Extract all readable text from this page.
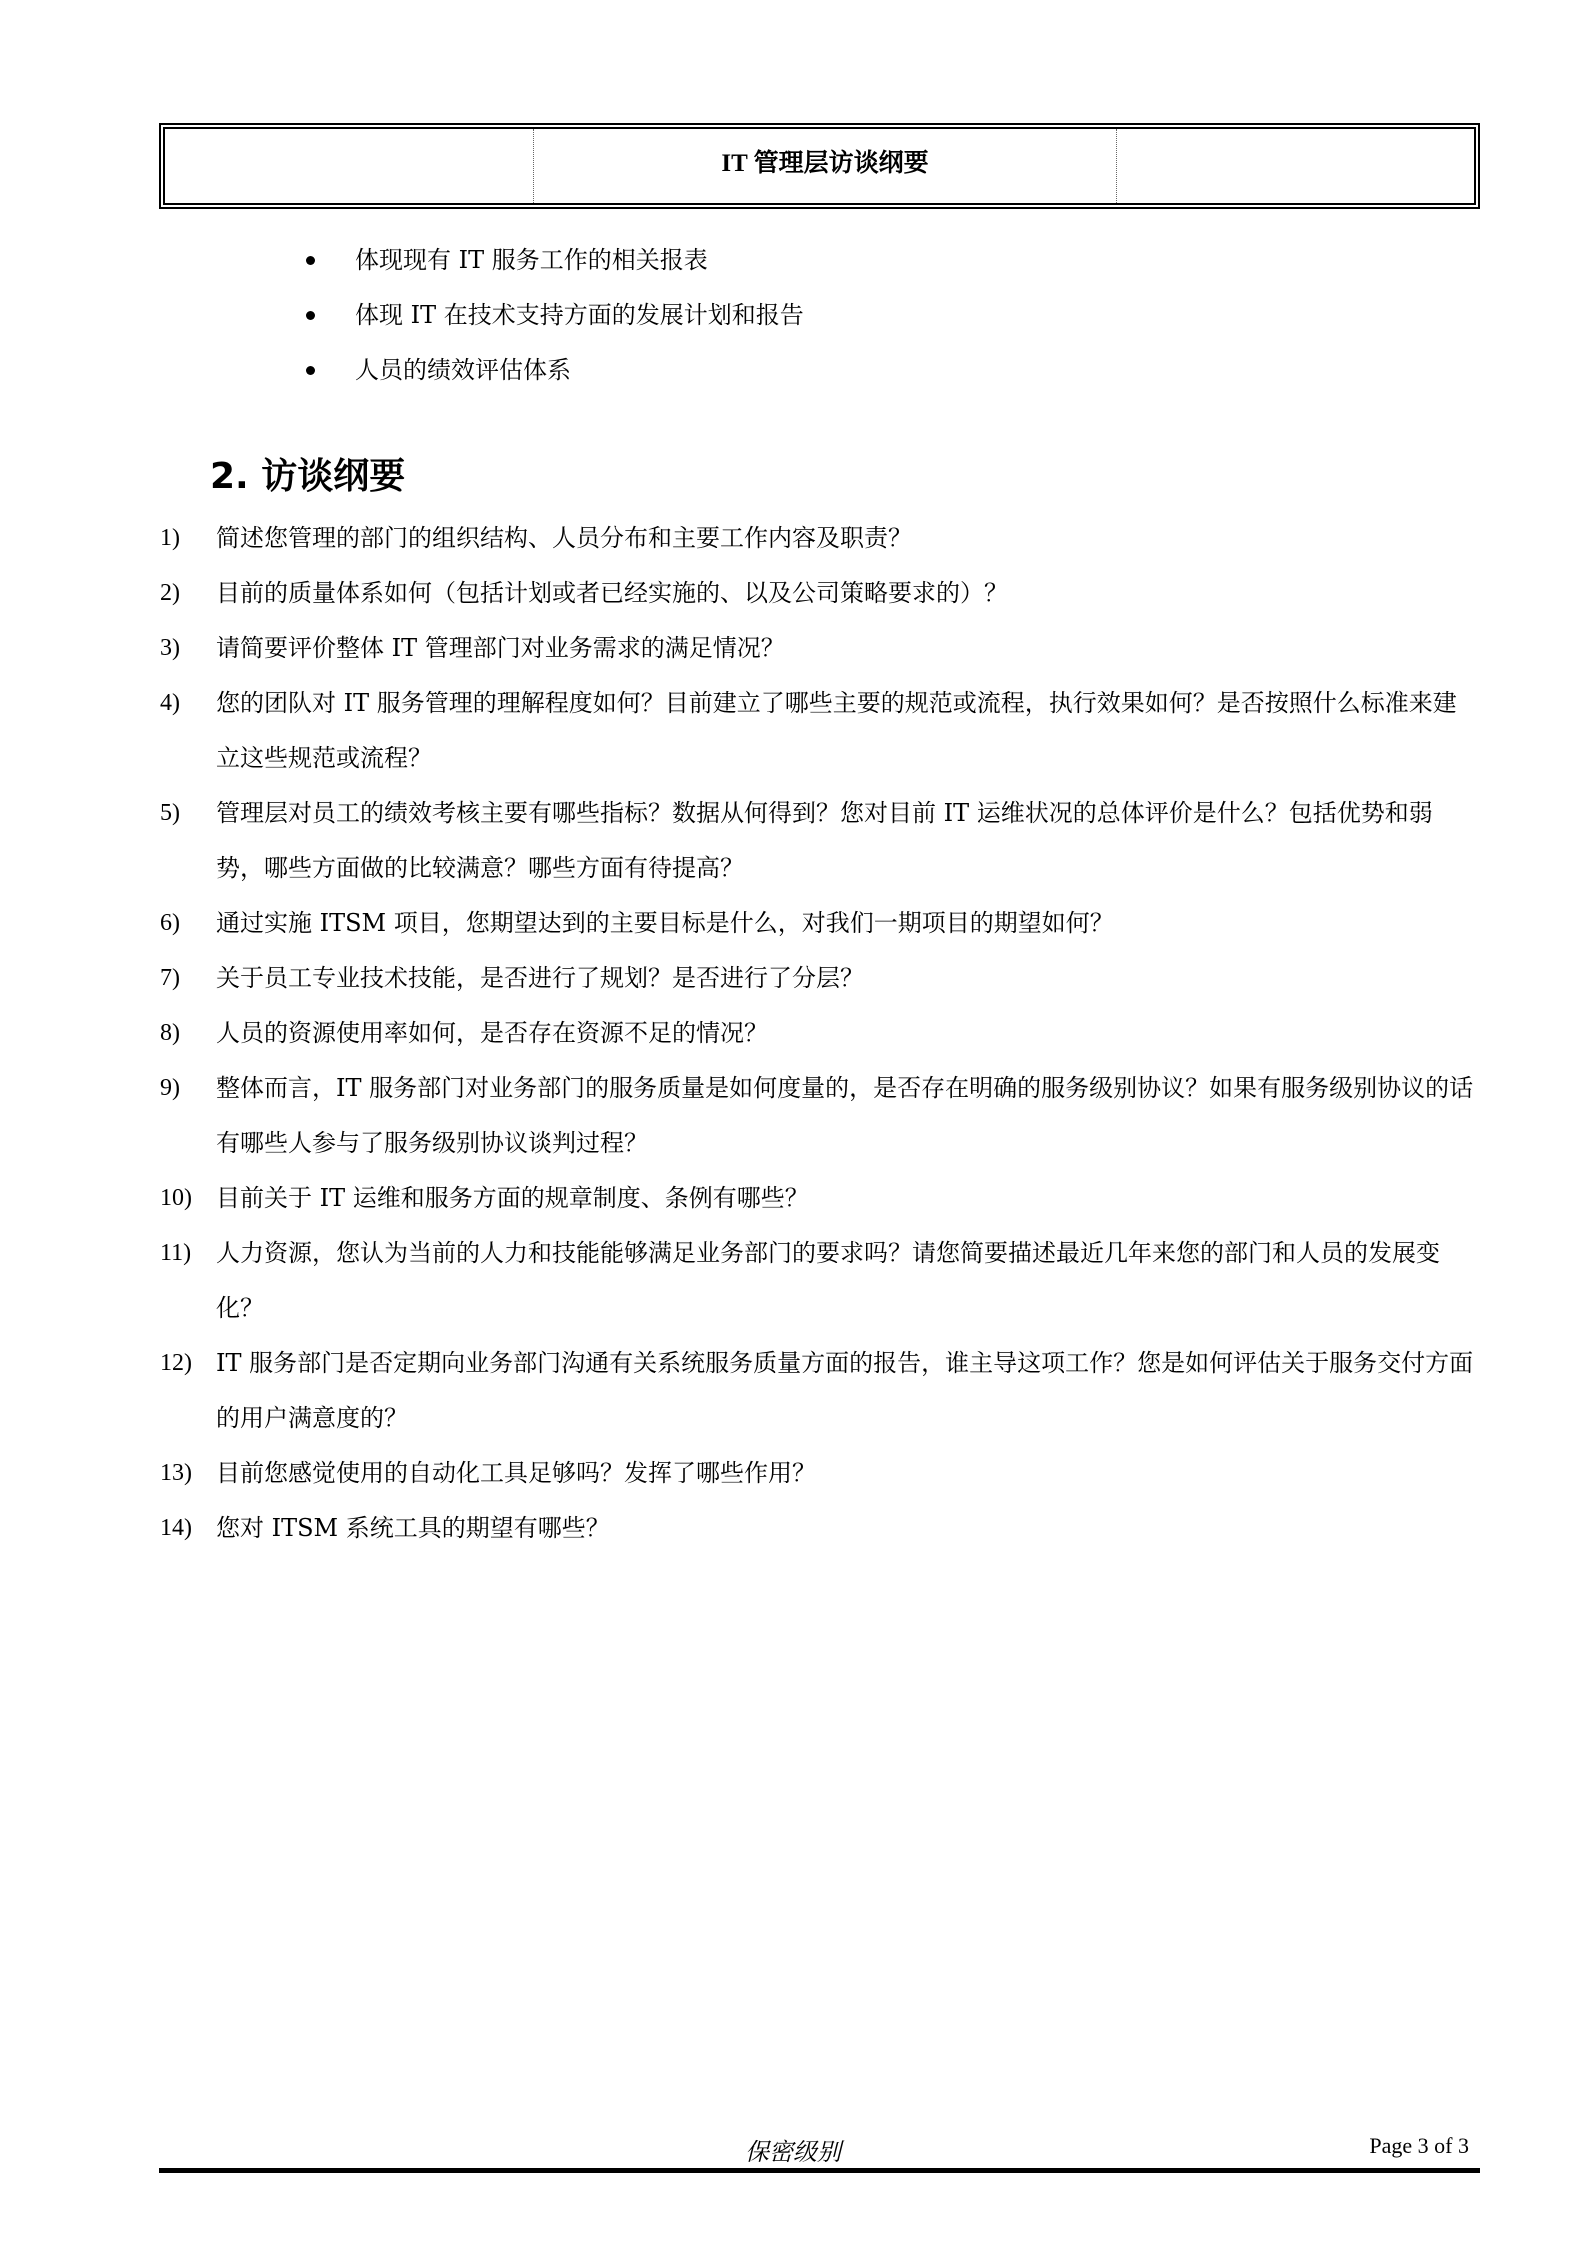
IT 管理层访谈纲要
体现现有 IT 服务工作的相关报表
体现 IT 在技术支持方面的发展计划和报告
人员的绩效评估体系
2. 访谈纲要
1) 简述您管理的部门的组织结构、人员分布和主要工作内容及职责？
2) 目前的质量体系如何（包括计划或者已经实施的、以及公司策略要求的）？
3) 请简要评价整体 IT 管理部门对业务需求的满足情况？
4) 您的团队对 IT 服务管理的理解程度如何？目前建立了哪些主要的规范或流程，执行效果如何？是否按照什么标准来建立这些规范或流程？
5) 管理层对员工的绩效考核主要有哪些指标？数据从何得到？您对目前 IT 运维状况的总体评价是什么？包括优势和弱势，哪些方面做的比较满意？哪些方面有待提高？
6) 通过实施 ITSM 项目，您期望达到的主要目标是什么，对我们一期项目的期望如何？
7) 关于员工专业技术技能，是否进行了规划？是否进行了分层？
8) 人员的资源使用率如何，是否存在资源不足的情况？
9) 整体而言，IT 服务部门对业务部门的服务质量是如何度量的，是否存在明确的服务级别协议？如果有服务级别协议的话有哪些人参与了服务级别协议谈判过程？
10) 目前关于 IT 运维和服务方面的规章制度、条例有哪些？
11) 人力资源，您认为当前的人力和技能能够满足业务部门的要求吗？请您简要描述最近几年来您的部门和人员的发展变化？
12) IT 服务部门是否定期向业务部门沟通有关系统服务质量方面的报告，谁主导这项工作？您是如何评估关于服务交付方面的用户满意度的？
13) 目前您感觉使用的自动化工具足够吗？发挥了哪些作用？
14) 您对 ITSM 系统工具的期望有哪些？
保密级别	Page 3 of 3
